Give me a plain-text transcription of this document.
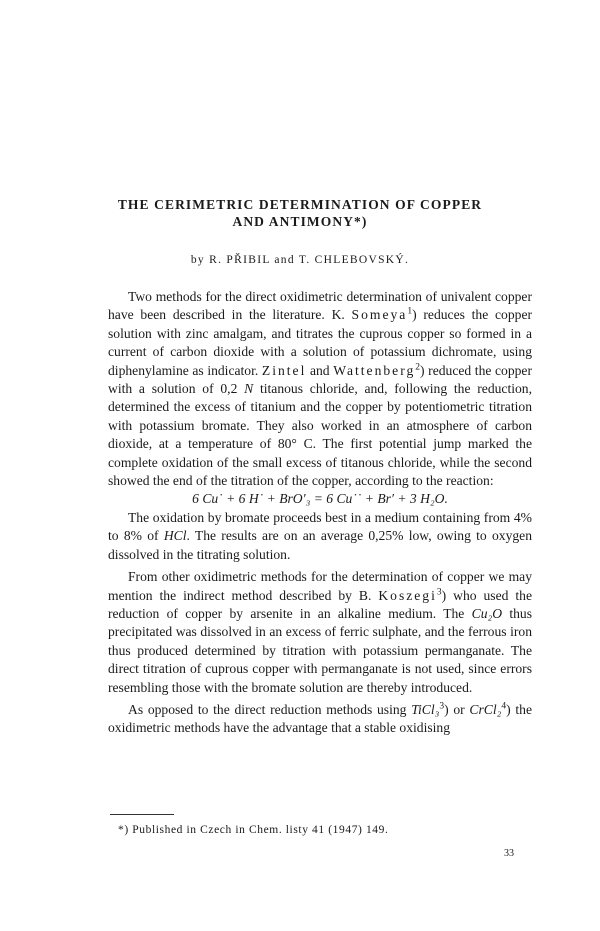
THE CERIMETRIC DETERMINATION OF COPPER
AND ANTIMONY*)
by R. PŘIBIL and T. CHLEBOVSKÝ.

Two methods for the direct oxidimetric determination of univalent copper have been described in the literature. K. Someya$^1$) reduces the copper solution with zinc amalgam, and titrates the cuprous copper so formed in a current of carbon dioxide with a solution of potassium dichromate, using diphenylamine as indicator. Zintel and Wattenberg$^2$) reduced the copper with a solution of 0,2 N titanous chloride, and, following the reduction, determined the excess of titanium and the copper by potentiometric titration with potassium bromate. They also worked in an atmosphere of carbon dioxide, at a temperature of 80° C. The first potential jump marked the complete oxidation of the small excess of titanous chloride, while the second showed the end of the titration of the copper, according to the reaction:

6 Cu˙ + 6 H˙ + BrO′₃ = 6 Cu˙˙ + Br′ + 3 H₂O.

The oxidation by bromate proceeds best in a medium containing from 4% to 8% of HCl. The results are on an average 0,25% low, owing to oxygen dissolved in the titrating solution.

From other oxidimetric methods for the determination of copper we may mention the indirect method described by B. Koszegi$^3$) who used the reduction of copper by arsenite in an alkaline medium. The Cu₂O thus precipitated was dissolved in an excess of ferric sulphate, and the ferrous iron thus produced determined by titration with potassium permanganate. The direct titration of cuprous copper with permanganate is not used, since errors resembling those with the bromate solution are thereby introduced.

As opposed to the direct reduction methods using TiCl₃$^3$) or CrCl₂$^4$) the oxidimetric methods have the advantage that a stable oxidising

*) Published in Czech in Chem. listy 41 (1947) 149.
33
